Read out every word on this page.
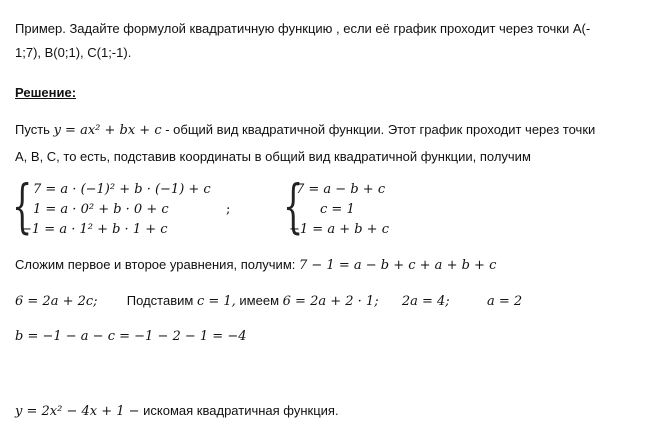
Пример. Задайте формулой квадратичную функцию , если её график проходит через точки А(-
1;7), В(0;1), С(1;-1).
Решение:
Пусть y = ax² + bx + c - общий вид квадратичной функции. Этот график проходит через точки
А, В, С, то есть, подставив координаты в общий вид квадратичной функции, получим
{ 7 = a · (−1)² + b · (−1) + c
1 = a · 0² + b · 0 + c
−1 = a · 1² + b · 1 + c
; {
7 = a − b + c
c = 1
−1 = a + b + c
Сложим первое и второе уравнения, получим: 7 − 1 = a − b + c + a + b + c
6 = 2a + 2c; Подставим c = 1, имеем 6 = 2a + 2 · 1; 2a = 4;	a = 2
b = −1 − a − c = −1 − 2 − 1 = −4
y = 2x² − 4x + 1 − искомая квадратичная функция.
